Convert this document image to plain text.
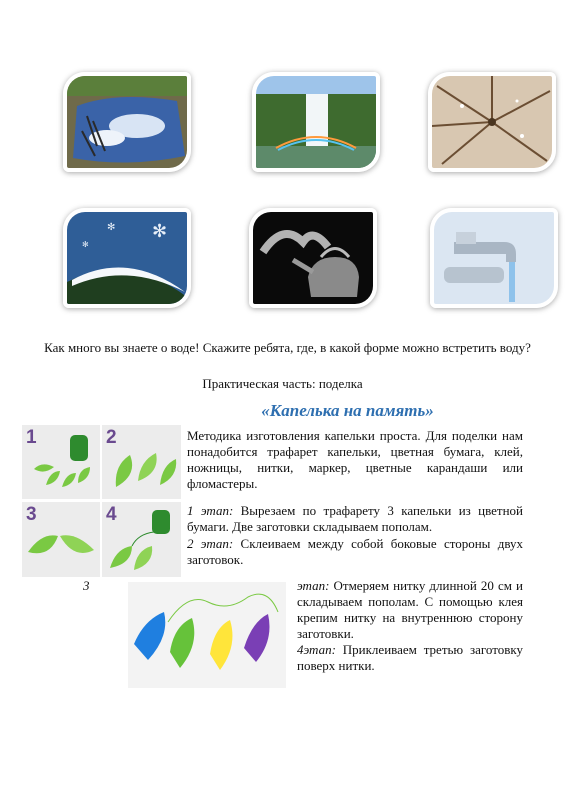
✻
✻
✻
Как много вы знаете о воде! Скажите ребята, где, в какой форме можно встретить воду?
Практическая часть: поделка
«Капелька на память»
1	2
3	4
Методика изготовления капельки проста. Для поделки нам понадобится трафарет капельки, цветная бумага, клей, ножницы, нитки, маркер, цветные карандаши или фломастеры.
1 этап: Вырезаем по трафарету 3 капельки из цветной бумаги. Две заготовки складываем пополам.
2 этап: Склеиваем между собой боковые стороны двух заготовок.
3	этап: Отмеряем нитку длинной 20 см и складываем пополам. С помощью клея крепим нитку на внутреннюю сторону заготовки.
4этап: Приклеиваем третью заготовку поверх нитки.
